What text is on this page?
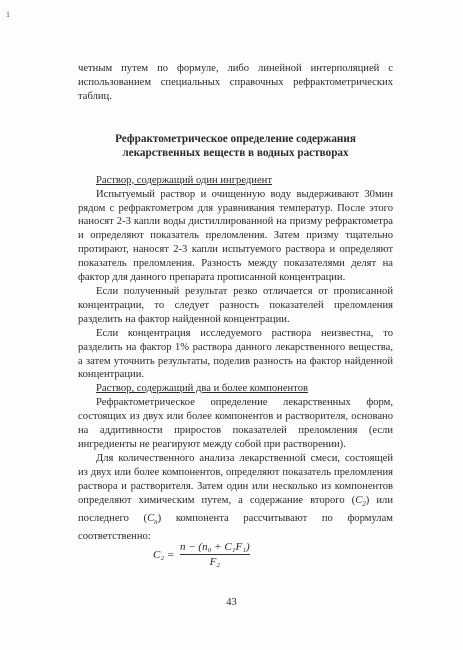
1

четным путем по формуле, либо линейной интерполяцией с использованием специальных справочных рефрактометрических таблиц.

Рефрактометрическое определение содержания
лекарственных веществ в водных растворах

Раствор, содержащий один ингредиент

Испытуемый раствор и очищенную воду выдерживают 30мин рядом с рефрактометром для уравнивания температур. После этого наносят 2-3 капли воды дистиллированной на призму рефрактометра и определяют показатель преломления. Затем призму тщательно протирают, наносят 2-3 капли испытуемого раствора и определяют показатель преломления. Разность между показателями делят на фактор для данного препарата прописанной концентрации.

Если полученный результат резко отличается от прописанной концентрации, то следует разность показателей преломления разделить на фактор найденной концентрации.

Если концентрация исследуемого раствора неизвестна, то разделить на фактор 1% раствора данного лекарственного вещества, а затем уточнить результаты, поделив разность на фактор найденной концентрации.

Раствор, содержащий два и более компонентов

Рефрактометрическое определение лекарственных форм, состоящих из двух или более компонентов и растворителя, основано на аддитивности приростов показателей преломления (если ингредиенты не реагируют между собой при растворении).

Для количественного анализа лекарственной смеси, состоящей из двух или более компонентов, определяют показатель преломления раствора и растворителя. Затем один или несколько из компонентов определяют химическим путем, а содержание второго $(C_2)$ или последнего $(C_n)$ компонента рассчитывают по формулам соответственно:

$C_2 = \frac{\text{n − (n₀ + C₁F₁)}}{\text{F₂}}$
43
